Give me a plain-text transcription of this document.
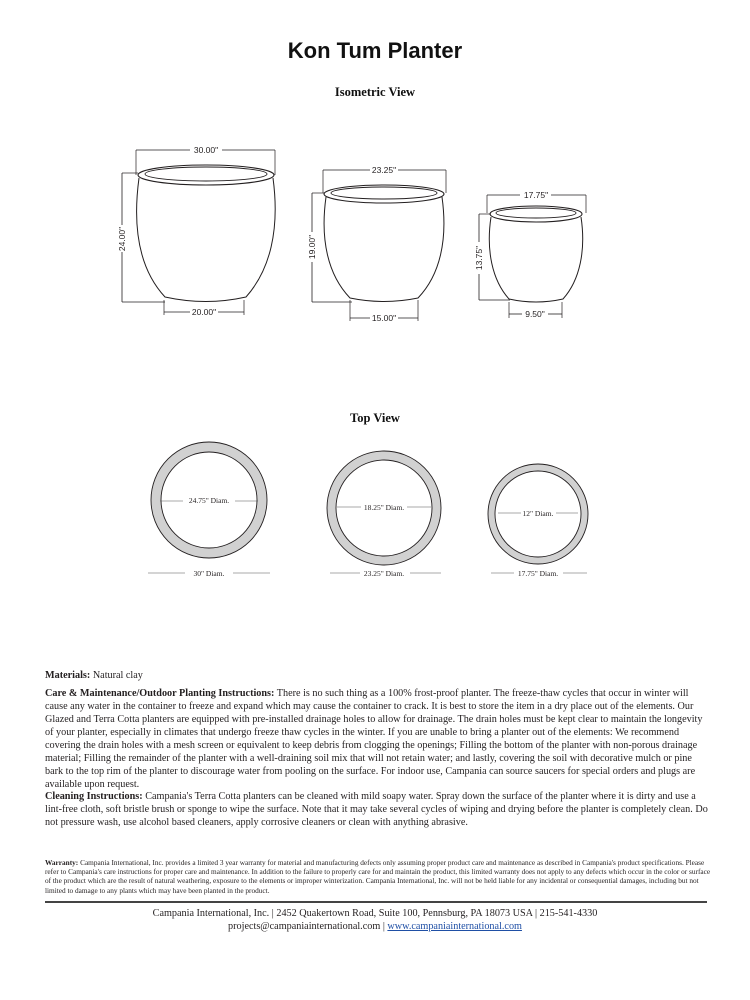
Kon Tum Planter
Isometric View
Top View
30.00"
24.00"
20.00"
23.25"
19.00"
15.00"
17.75"
13.75"
9.50"
24.75" Diam.
30" Diam.
18.25" Diam.
23.25" Diam.
12" Diam.
17.75" Diam.
Materials: Natural clay
Care & Maintenance/Outdoor Planting Instructions: There is no such thing as a 100% frost-proof planter. The freeze-thaw cycles that occur in winter will cause any water in the container to freeze and expand which may cause the container to crack. It is best to store the item in a dry place out of the elements. Our Glazed and Terra Cotta planters are equipped with pre-installed drainage holes to allow for drainage. The drain holes must be kept clear to maintain the longevity of your planter, especially in climates that undergo freeze thaw cycles in the winter. If you are unable to bring a planter out of the elements: We recommend covering the drain holes with a mesh screen or equivalent to keep debris from clogging the openings; Filling the bottom of the planter with non-porous drainage material; Filling the remainder of the planter with a well-draining soil mix that will not retain water; and lastly, covering the soil with decorative mulch or pine bark to the top rim of the planter to discourage water from pooling on the surface. For indoor use, Campania can source saucers for special orders and plugs are available upon request.
Cleaning Instructions: Campania's Terra Cotta planters can be cleaned with mild soapy water. Spray down the surface of the planter where it is dirty and use a lint-free cloth, soft bristle brush or sponge to wipe the surface. Note that it may take several cycles of wiping and drying before the planter is completely clean. Do not pressure wash, use alcohol based cleaners, apply corrosive cleaners or clean with anything abrasive.
Warranty: Campania International, Inc. provides a limited 3 year warranty for material and manufacturing defects only assuming proper product care and maintenance as described in Campania's product specifications. Please refer to Campania's care instructions for proper care and maintenance. In addition to the failure to properly care for and maintain the product, this limited warranty does not apply to any defects which occur in the color or surface of the product which are the result of natural weathering, exposure to the elements or improper winterization. Campania International, Inc. will not be held liable for any incidental or consequential damages, including but not limited to damage to any plants which may have been planted in the product.
Campania International, Inc. | 2452 Quakertown Road, Suite 100, Pennsburg, PA 18073 USA | 215-541-4330
projects@campaniainternational.com | www.campaniainternational.com
